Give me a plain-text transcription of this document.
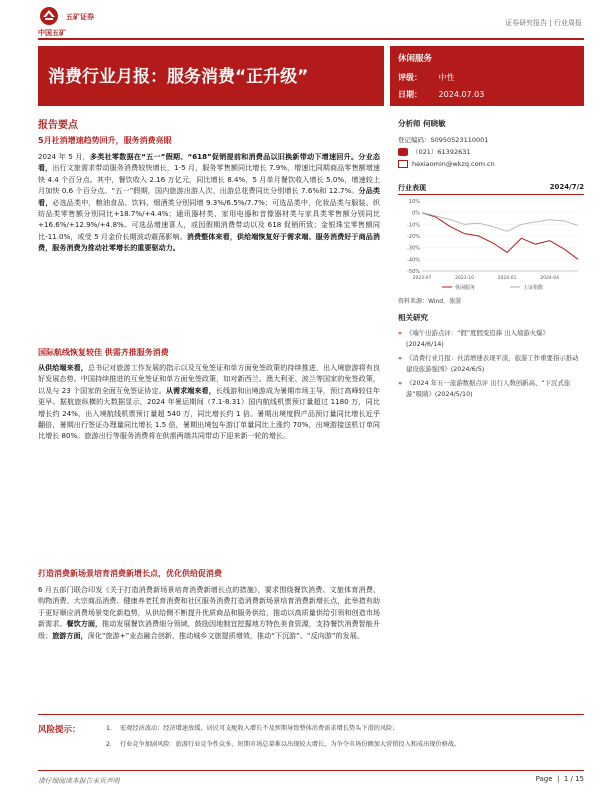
五矿证券
中国五矿
证券研究报告 | 行业周报
消费行业月报：服务消费“正升级”
休闲服务
评级： 中性
日期： 2024.07.03
报告要点
5月社消增速趋势回升，服务消费亮眼
2024 年 5 月，多类社零数据在“五一”假期、“618”促销提前和消费品以旧换新带动下增速回升。分业态看，出行文旅需求带动服务消费较快增长，1-5 月，服务零售额同比增长 7.9%，增速比同期商品零售额增速快 4.4 个百分点。其中，餐饮收入 2.16 万亿元，同比增长 8.4%，5 月单月餐饮收入增长 5.0%，增速较上月加快 0.6 个百分点。“五一”假期，国内旅游出游人次、出游总花费同比分别增长 7.6%和 12.7%。分品类看，必选品类中，粮油食品、饮料、烟酒类分别同增 9.3%/6.5%/7.7%；可选品类中，化妆品类与服装、织纺品类零售额分别同比+18.7%/+4.4%；通讯器材类、家用电器和音像器材类与家具类零售额分别同比+16.6%/+12.9%/+4.8%。可选品增速喜人，或因假期消费带动以及 618 促销所致；金银珠宝零售额同比-11.0%，或受 5 月金价长期波动震荡影响。消费整体来看，供给端恢复好于需求端、服务消费好于商品消费，服务消费为推动社零增长的重要驱动力。
国际航线恢复较佳 供需齐推服务消费
从供给端来看，总书记对旅游工作发展的指示以及互免签证和单方面免签政策的持续推进，出入境旅游将有良好发展态势。中国持续推进的互免签证和单方面免签政策，如对新西兰、澳大利亚、波兰等国家的免签政策，以及与 23 个国家的全面互免签证协定。从需求端来看，长线游和出境游成为暑期市场主导，预订高峰较往年更早。据航旅纵横的大数据显示，2024 年暑运期间（7.1-8.31）国内航线机票预订量超过 1180 万，同比增长约 24%，出入境航线机票预订量超 540 万，同比增长约 1 倍。暑期出境度假产品预订量同比增长近乎翻倍，暑期出行签证办理量同比增长 1.5 倍，暑期出境包车游订单量同比上涨约 70%，出境游接送机订单同比增长 80%。旅游出行等服务消费将在供需两端共同带动下迎来新一轮的增长。
打造消费新场景培育消费新增长点，优化供给促消费
6 月五部门联合印发《关于打造消费新场景培育消费新增长点的措施》，要求围绕餐饮消费、文旅体育消费、购物消费、大宗商品消费、健康养老托育消费和社区服务消费打造消费新场景培育消费新增长点，此举措有助于更好顺应消费场景变化新趋势，从供给侧不断提升优质商品和服务供给，推动以高质量供给引领和创造市场新需求。餐饮方面，推动发展餐饮消费细分领域，鼓励因地制宜挖掘地方特色美食资源，支持餐饮消费智能升级；旅游方面，深化“旅游+”业态融合创新，推动城乡文旅提质增效，推动“下沉游”、“反向游”的发展。
分析师 何晓敏
登记编码：S0950523110001
（021）61392631
hexiaomin@wkzq.com.cn
行业表现	2024/7/2
10%
0%
-10%
-20%
-30%
-40%
-50%
2023-07	2023-10	2024-01	2024-04
休闲服务	上证指数
资料来源：Wind，旅游
相关研究
» 《端午出游点评：“假”度假变追捧 出入境游火爆》(2024/6/14)
» 《消费行业月报：社消增速表现平淡，旅游工作重要指示推动建设旅游强国》(2024/6/5)
» 《2024 年五一旅游数据点评 出行人数创新高、“下沉式旅游”吸睛》(2024/5/10)
风险提示：	1. 宏观经济波动：经济增速放缓、居民可支配收入增长不及预期导致整体消费需求增长势头下滑的风险；
2. 行业竞争加剧风险：旅游行业竞争性众多、短期市场总量难以出现较大增长，为争夺市场份额加大营销投入和成出现价格战。
请仔细阅读本报告末页声明	Page  |  1 / 15
